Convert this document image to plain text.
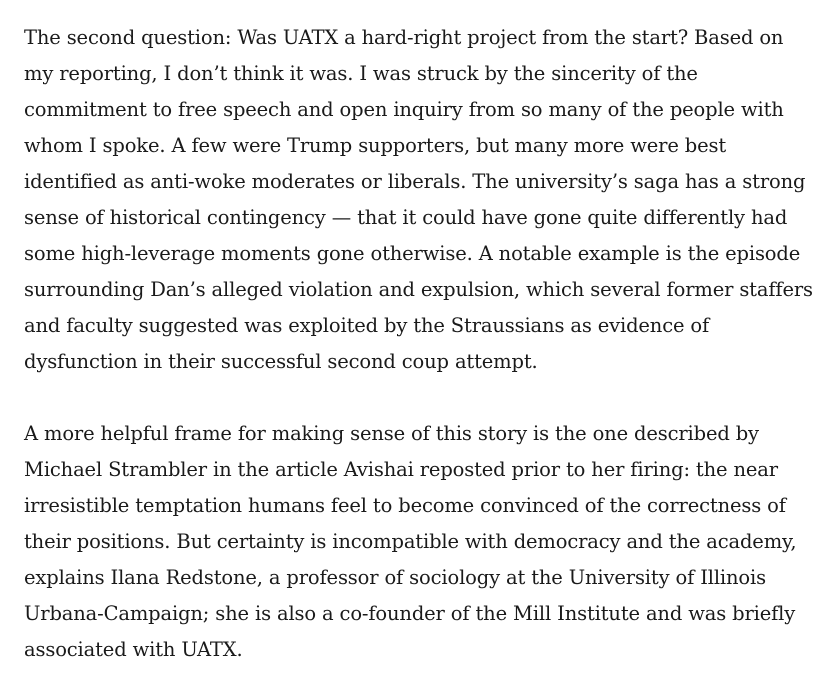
The second question: Was UATX a hard-right project from the start? Based on my reporting, I don’t think it was. I was struck by the sincerity of the commitment to free speech and open inquiry from so many of the people with whom I spoke. A few were Trump supporters, but many more were best identified as anti-woke moderates or liberals. The university’s saga has a strong sense of historical contingency — that it could have gone quite differently had some high-leverage moments gone otherwise. A notable example is the episode surrounding Dan’s alleged violation and expulsion, which several former staffers and faculty suggested was exploited by the Straussians as evidence of dysfunction in their successful second coup attempt.

A more helpful frame for making sense of this story is the one described by Michael Strambler in the article Avishai reposted prior to her firing: the near irresistible temptation humans feel to become convinced of the correctness of their positions. But certainty is incompatible with democracy and the academy, explains Ilana Redstone, a professor of sociology at the University of Illinois Urbana-Campaign; she is also a co-founder of the Mill Institute and was briefly associated with UATX.
